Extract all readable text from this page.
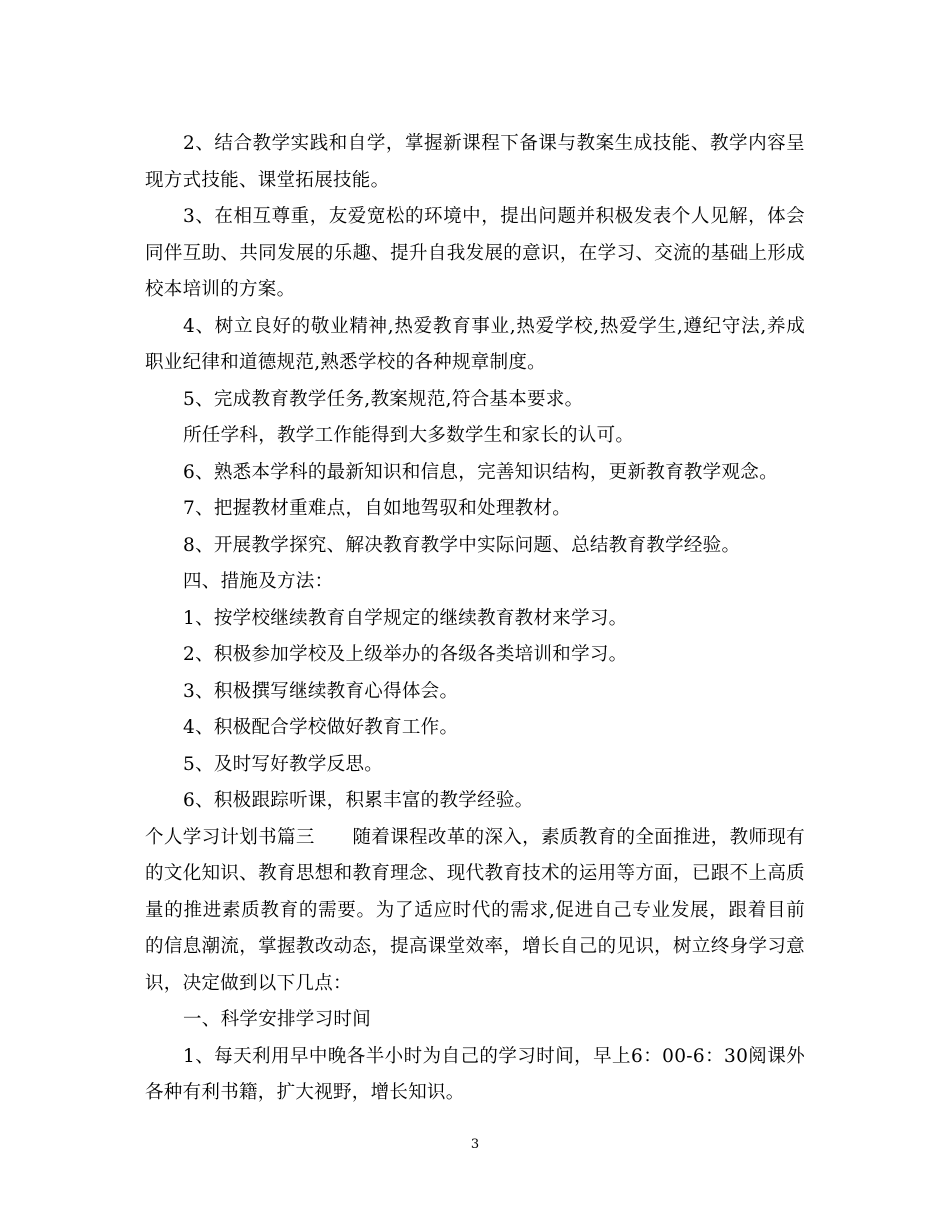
2、结合教学实践和自学，掌握新课程下备课与教案生成技能、教学内容呈现方式技能、课堂拓展技能。

3、在相互尊重，友爱宽松的环境中，提出问题并积极发表个人见解，体会同伴互助、共同发展的乐趣、提升自我发展的意识，在学习、交流的基础上形成校本培训的方案。

4、树立良好的敬业精神,热爱教育事业,热爱学校,热爱学生,遵纪守法,养成职业纪律和道德规范,熟悉学校的各种规章制度。

5、完成教育教学任务,教案规范,符合基本要求。

所任学科，教学工作能得到大多数学生和家长的认可。

6、熟悉本学科的最新知识和信息，完善知识结构，更新教育教学观念。

7、把握教材重难点，自如地驾驭和处理教材。

8、开展教学探究、解决教育教学中实际问题、总结教育教学经验。

四、措施及方法：

1、按学校继续教育自学规定的继续教育教材来学习。

2、积极参加学校及上级举办的各级各类培训和学习。

3、积极撰写继续教育心得体会。

4、积极配合学校做好教育工作。

5、及时写好教学反思。

6、积极跟踪听课，积累丰富的教学经验。

个人学习计划书篇三　　随着课程改革的深入，素质教育的全面推进，教师现有的文化知识、教育思想和教育理念、现代教育技术的运用等方面，已跟不上高质量的推进素质教育的需要。为了适应时代的需求,促进自己专业发展，跟着目前的信息潮流，掌握教改动态，提高课堂效率，增长自己的见识，树立终身学习意识，决定做到以下几点：

一、科学安排学习时间

1、每天利用早中晚各半小时为自己的学习时间，早上6：00-6：30阅课外各种有利书籍，扩大视野，增长知识。

3
